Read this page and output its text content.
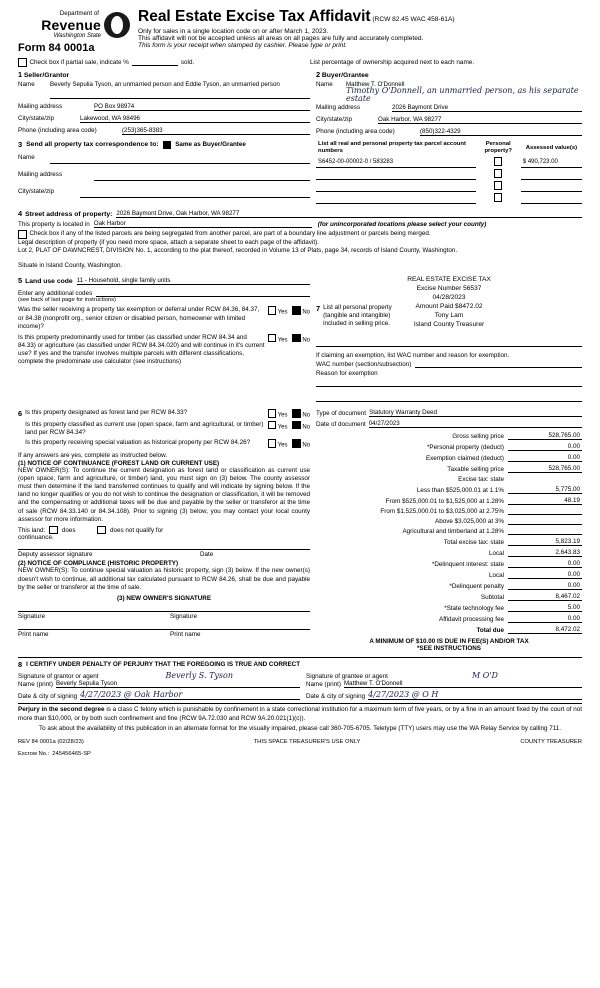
Department of
Revenue
Washington State
Form 84 0001a
Real Estate Excise Tax Affidavit (RCW 82.45 WAC 458-61A)
Only for sales in a single location code on or after March 1, 2023.
This affidavit will not be accepted unless all areas on all pages are fully and accurately completed.
This form is your receipt when stamped by cashier. Please type or print.
Check box if partial sale, indicate %
	sold.	List percentage of ownership acquired next to each name.
1 Seller/Grantor
Name	Beverly Sepulia Tyson, an unmarried person and Eddie Tyson, an unmarried person
Mailing address	PO Box 98974
City/state/zip	Lakewood, WA 98496
Phone (including area code)	(253)365-8383
2 Buyer/Grantee
Name	Matthew T. O'Donnell
Timothy O'Donnell, an unmarried person, as his separate estate
Mailing address	2026 Baymont Drive
City/state/zip	Oak Harbor, WA 98277
Phone (including area code)	(850)322-4329
3 Send all property tax correspondence to:	Same as Buyer/Grantee
Name
Mailing address
City/state/zip
List all real and personal property tax parcel account numbers	Personal property?	Assessed value(s)
S6452-00-00002-0 / 583283		$ 490,723.00

4 Street address of property: 2026 Baymont Drive, Oak Harbor, WA 98277
This property is located in Oak Harbor
	(for unincorporated locations please select your county)
Check box if any of the listed parcels are being segregated from another parcel, are part of a boundary line adjustment or parcels being merged.
Legal description of property (if you need more space, attach a separate sheet to each page of the affidavit).
Lot 2, PLAT OF DAWNCREST, DIVISION No. 1, according to the plat thereof, recorded in Volume 13 of Plats, page 34, records of Island County, Washington.
Situate in Island County, Washington.
5 Land use code 11 - Household, single family units
Enter any additional codes
(see back of last page for instructions)
Was the seller receiving a property tax exemption or deferral under RCW 84.36, 84.37, or 84.38 (nonprofit org., senior citizen or disabled person, homeowner with limited income)?
Yes No
Is this property predominantly used for timber (as classified under RCW 84.34 and 84.33) or agriculture (as classified under RCW 84.34.020) and will continue in it's current use? If yes and the transfer involves multiple parcels with different classifications, complete the predominate use calculator (see instructions)
Yes No
REAL ESTATE EXCISE TAX
Excise Number 56537
04/28/2023
Amount Paid $8472.02
Tony Lam
Island County Treasurer
7 List all personal property (tangible and intangible) included in selling price.
If claiming an exemption, list WAC number and reason for exemption.
WAC number (section/subsection)
Reason for exemption

6 Is this property designated as forest land per RCW 84.33?	Yes No
Is this property classified as current use (open space, farm and agricultural, or timber) land per RCW 84.34?
Yes No
Is this property receiving special valuation as historical property per RCW 84.26?	Yes No
If any answers are yes, complete as instructed below.
(1) NOTICE OF CONTINUANCE (FOREST LAND OR CURRENT USE)
NEW OWNER(S): To continue the current designation as forest land or classification as current use (open space, farm and agriculture, or timber) land, you must sign on (3) below. The county assessor must then determine if the land transferred continues to qualify and will indicate by signing below. If the land no longer qualifies or you do not wish to continue the designation or classification, it will be removed and the compensating or additional taxes will be due and payable by the seller or transferor at the time of sale (RCW 84.33.140 or 84.34.108). Prior to signing (3) below, you may contact your local county assessor for more information.
This land:	does	does not qualify for
continuance.
Deputy assessor signature	Date
(2) NOTICE OF COMPLIANCE (HISTORIC PROPERTY)
NEW OWNER(S): To continue special valuation as historic property, sign (3) below. If the new owner(s) doesn't wish to continue, all additional tax calculated pursuant to RCW 84.26, shall be due and payable by the seller or transferor at the time of sale.
(3) NEW OWNER'S SIGNATURE
Signature	Signature
Print name	Print name
Type of document Statutory Warranty Deed
Date of document 04/27/2023
Gross selling price	528,765.00
*Personal property (deduct)	0.00
Exemption claimed (deduct)	0.00
Taxable selling price	528,765.00
Excise tax: state
Less than $525,000.01 at 1.1%	5,775.00
From $525,000.01 to $1,525,000 at 1.28%	48.19
From $1,525,000.01 to $3,025,000 at 2.75%
Above $3,025,000 at 3%
Agricultural and timberland at 1.28%
Total excise tax: state	5,823.19
Local	2,643.83
*Delinquent interest: state	0.00
Local	0.00
*Delinquent penalty	0.00
Subtotal	8,467.02
*State technology fee	5.00
Affidavit processing fee	0.00
Total due	8,472.02
A MINIMUM OF $10.00 IS DUE IN FEE(S) AND/OR TAX
*SEE INSTRUCTIONS
8 I CERTIFY UNDER PENALTY OF PERJURY THAT THE FOREGOING IS TRUE AND CORRECT
Signature of grantor or agent	Beverly S. Tyson
Name (print) Beverly Sepulia Tyson
Date & city of signing 4/27/2023 @ Oak Harbor
Signature of grantee or agent	M O'D
Name (print) Matthew T. O'Donnell
Date & city of signing 4/27/2023 @ O H
Perjury in the second degree is a class C felony which is punishable by confinement in a state correctional institution for a maximum term of five years, or by a fine in an amount fixed by the court of not more than $10,000, or by both such confinement and fine (RCW 9A.72.030 and RCW 9A.20.021(1)(c)).
To ask about the availability of this publication in an alternate format for the visually impaired, please call 360-705-6705. Teletype (TTY) users may use the WA Relay Service by calling 711.
REV 84 0001a (02/28/23)	THIS SPACE TREASURER'S USE ONLY	COUNTY TREASURER
Escrow No.: 245456465-SP
